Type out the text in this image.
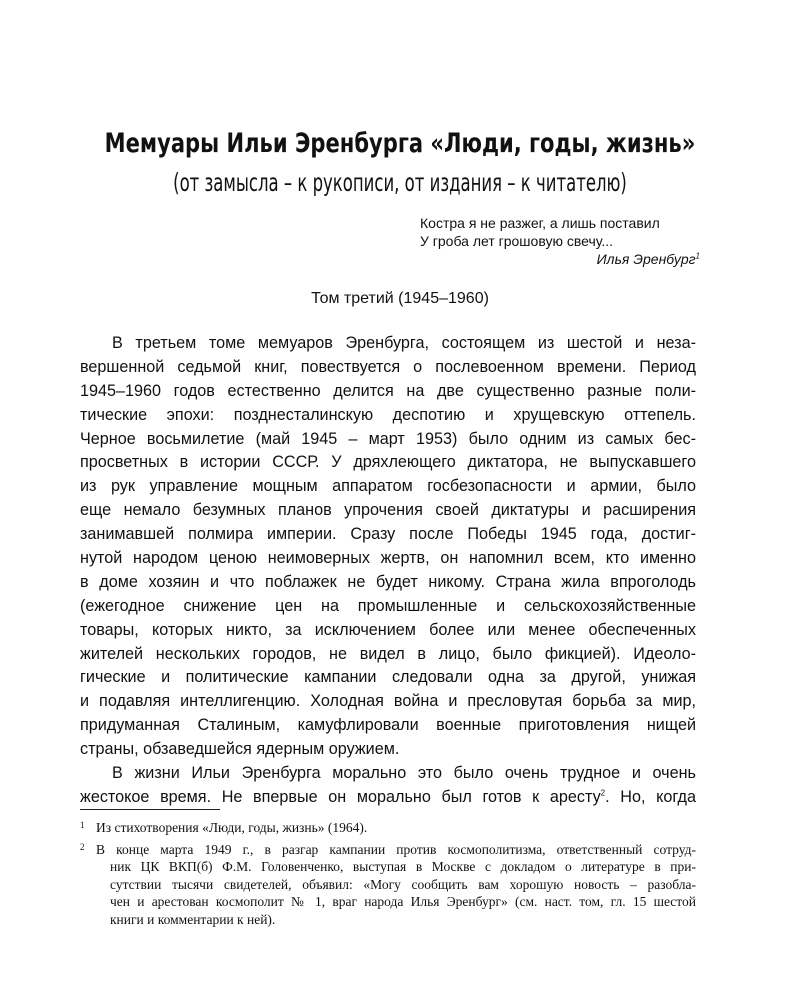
Мемуары Ильи Эренбурга «Люди, годы, жизнь»
(от замысла – к рукописи, от издания – к читателю)
Костра я не разжег, а лишь поставил
У гроба лет грошовую свечу...
Илья Эренбург$^1$
Том третий (1945–1960)
В третьем томе мемуаров Эренбурга, состоящем из шестой и неза-
вершенной седьмой книг, повествуется о послевоенном времени. Период
1945–1960 годов естественно делится на две существенно разные поли-
тические эпохи: позднесталинскую деспотию и хрущевскую оттепель.
Черное восьмилетие (май 1945 – март 1953) было одним из самых бес-
просветных в истории СССР. У дряхлеющего диктатора, не выпускавшего
из рук управление мощным аппаратом госбезопасности и армии, было
еще немало безумных планов упрочения своей диктатуры и расширения
занимавшей полмира империи. Сразу после Победы 1945 года, достиг-
нутой народом ценою неимоверных жертв, он напомнил всем, кто именно
в доме хозяин и что поблажек не будет никому. Страна жила впроголодь
(ежегодное снижение цен на промышленные и сельскохозяйственные
товары, которых никто, за исключением более или менее обеспеченных
жителей нескольких городов, не видел в лицо, было фикцией). Идеоло-
гические и политические кампании следовали одна за другой, унижая
и подавляя интеллигенцию. Холодная война и пресловутая борьба за мир,
придуманная Сталиным, камуфлировали военные приготовления нищей
страны, обзаведшейся ядерным оружием.
В жизни Ильи Эренбурга морально это было очень трудное и очень
жестокое время. Не впервые он морально был готов к аресту$^2$. Но, когда
1 Из стихотворения «Люди, годы, жизнь» (1964).
2 В конце марта 1949 г., в разгар кампании против космополитизма, ответственный сотруд-
ник ЦК ВКП(б) Ф.М. Головенченко, выступая в Москве с докладом о литературе в при-
сутствии тысячи свидетелей, объявил: «Могу сообщить вам хорошую новость – разобла-
чен и арестован космополит № 1, враг народа Илья Эренбург» (см. наст. том, гл. 15 шестой
книги и комментарии к ней).
